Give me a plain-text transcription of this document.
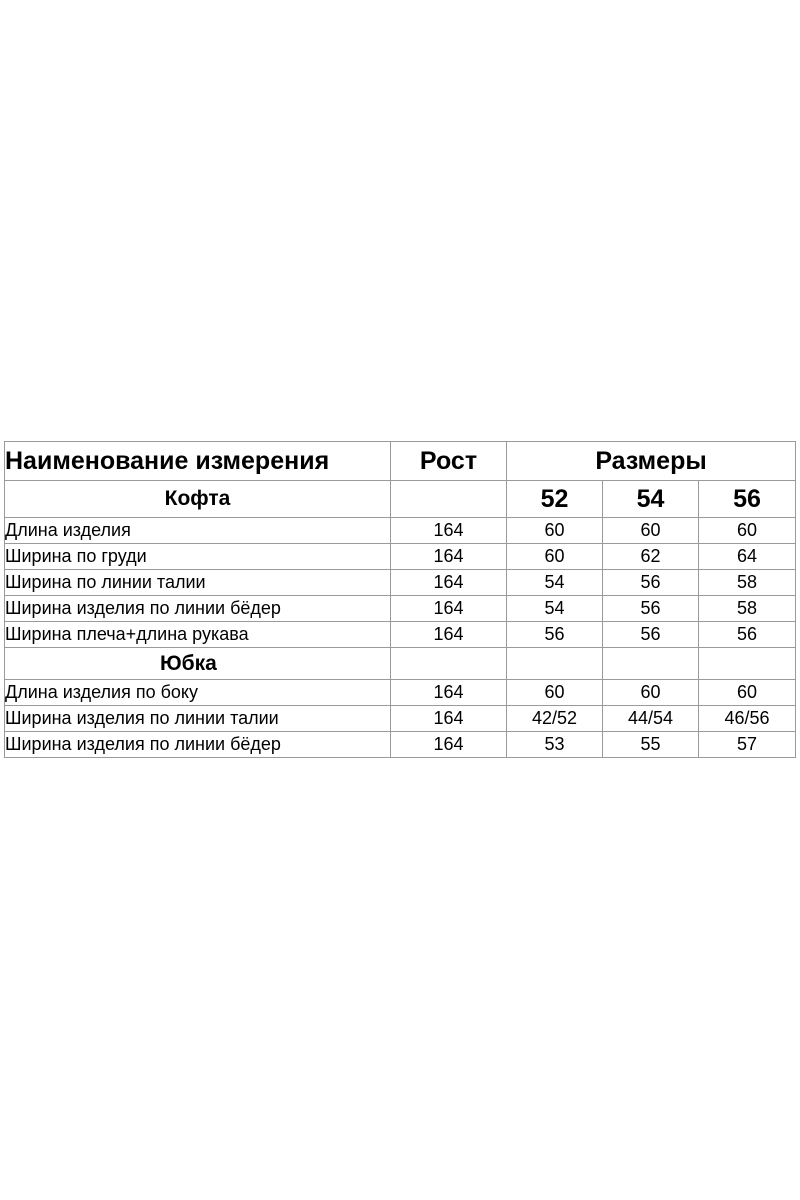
Наименование измерения	Рост	Размеры		
Кофта		52	54	56
Длина изделия	164	60	60	60
Ширина по груди	164	60	62	64
Ширина по линии талии	164	54	56	58
Ширина изделия по линии бёдер	164	54	56	58
Ширина плеча+длина рукава	164	56	56	56
Юбка				
Длина изделия по боку	164	60	60	60
Ширина изделия по линии талии	164	42/52	44/54	46/56
Ширина изделия по линии бёдер	164	53	55	57
